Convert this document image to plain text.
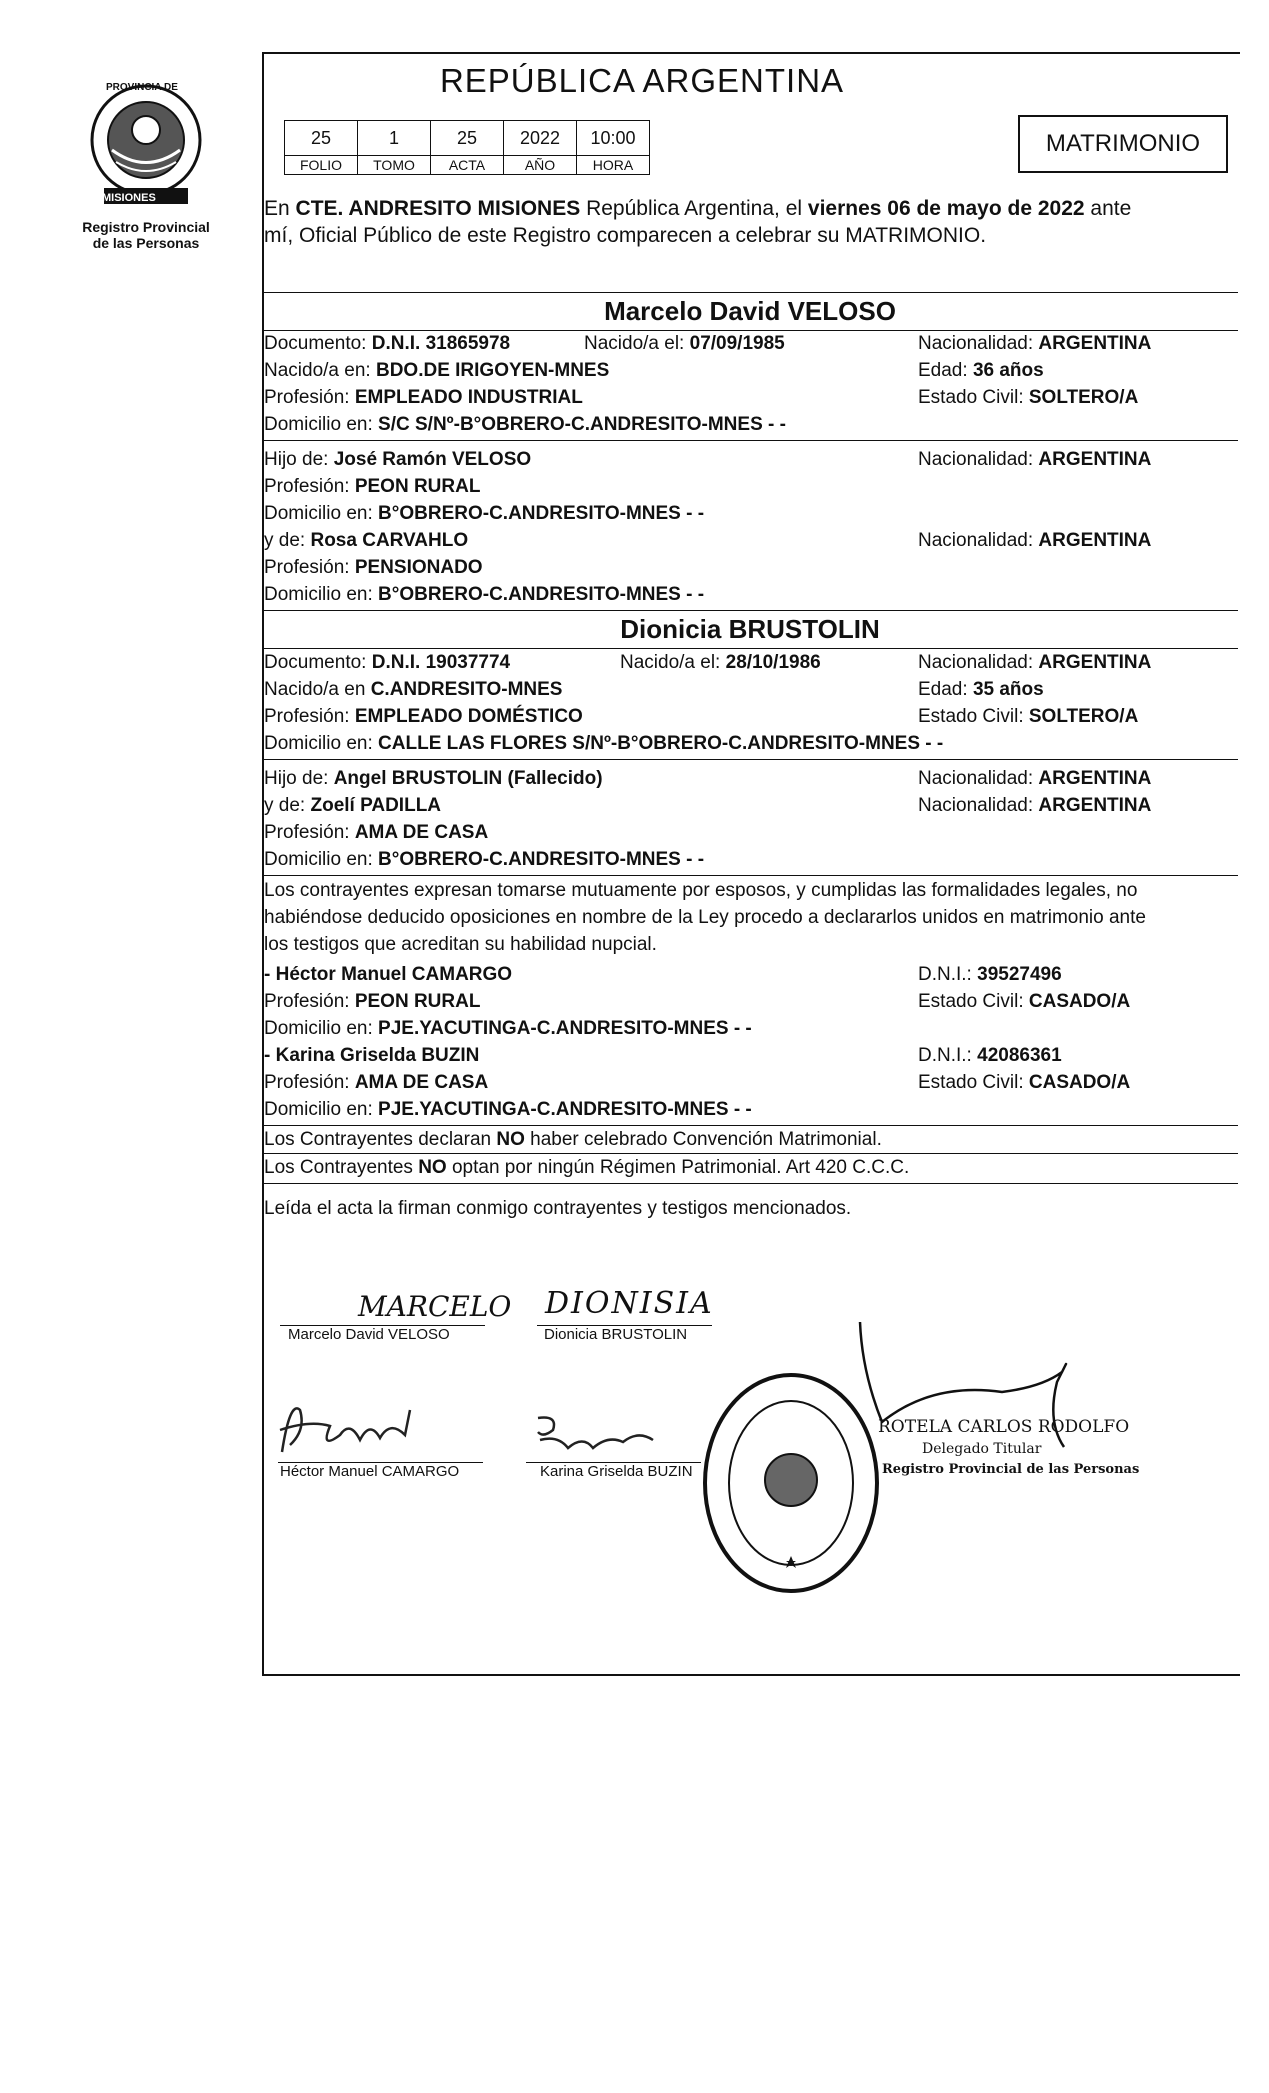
Registro Provincial
de las Personas
PROVINCIA DE
MISIONES
REPÚBLICA ARGENTINA
25	1	25	2022	10:00
FOLIO	TOMO	ACTA	AÑO	HORA
MATRIMONIO
En CTE. ANDRESITO MISIONES República Argentina, el viernes 06 de mayo de 2022 ante
mí, Oficial Público de este Registro comparecen a celebrar su MATRIMONIO.
Marcelo David VELOSO
Documento: D.N.I. 31865978	Nacido/a el: 07/09/1985	Nacionalidad: ARGENTINA
Nacido/a en: BDO.DE IRIGOYEN-MNES	Edad: 36 años
Profesión: EMPLEADO INDUSTRIAL	Estado Civil: SOLTERO/A
Domicilio en: S/C S/Nº-B°OBRERO-C.ANDRESITO-MNES - -
Hijo de: José Ramón VELOSO	Nacionalidad: ARGENTINA
Profesión: PEON RURAL
Domicilio en: B°OBRERO-C.ANDRESITO-MNES - -
y de: Rosa CARVAHLO	Nacionalidad: ARGENTINA
Profesión: PENSIONADO
Domicilio en: B°OBRERO-C.ANDRESITO-MNES - -
Dionicia BRUSTOLIN
Documento: D.N.I. 19037774	Nacido/a el: 28/10/1986	Nacionalidad: ARGENTINA
Nacido/a en C.ANDRESITO-MNES	Edad: 35 años
Profesión: EMPLEADO DOMÉSTICO	Estado Civil: SOLTERO/A
Domicilio en: CALLE LAS FLORES S/Nº-B°OBRERO-C.ANDRESITO-MNES - -
Hijo de: Angel BRUSTOLIN (Fallecido)	Nacionalidad: ARGENTINA
y de: Zoelí PADILLA	Nacionalidad: ARGENTINA
Profesión: AMA DE CASA
Domicilio en: B°OBRERO-C.ANDRESITO-MNES - -
Los contrayentes expresan tomarse mutuamente por esposos, y cumplidas las formalidades legales, no
habiéndose deducido oposiciones en nombre de la Ley procedo a declararlos unidos en matrimonio ante
los testigos que acreditan su habilidad nupcial.
- Héctor Manuel CAMARGO	D.N.I.: 39527496
Profesión: PEON RURAL	Estado Civil: CASADO/A
Domicilio en: PJE.YACUTINGA-C.ANDRESITO-MNES - -
- Karina Griselda BUZIN	D.N.I.: 42086361
Profesión: AMA DE CASA	Estado Civil: CASADO/A
Domicilio en: PJE.YACUTINGA-C.ANDRESITO-MNES - -
Los Contrayentes declaran NO haber celebrado Convención Matrimonial.
Los Contrayentes NO optan por ningún Régimen Patrimonial. Art 420 C.C.C.
Leída el acta la firman conmigo contrayentes y testigos mencionados.
MARCELO
Marcelo David VELOSO
DIONISIA
Dionicia BRUSTOLIN
Héctor Manuel CAMARGO	Karina Griselda BUZIN
ROTELA CARLOS RODOLFO
Delegado Titular
Registro Provincial de las Personas
